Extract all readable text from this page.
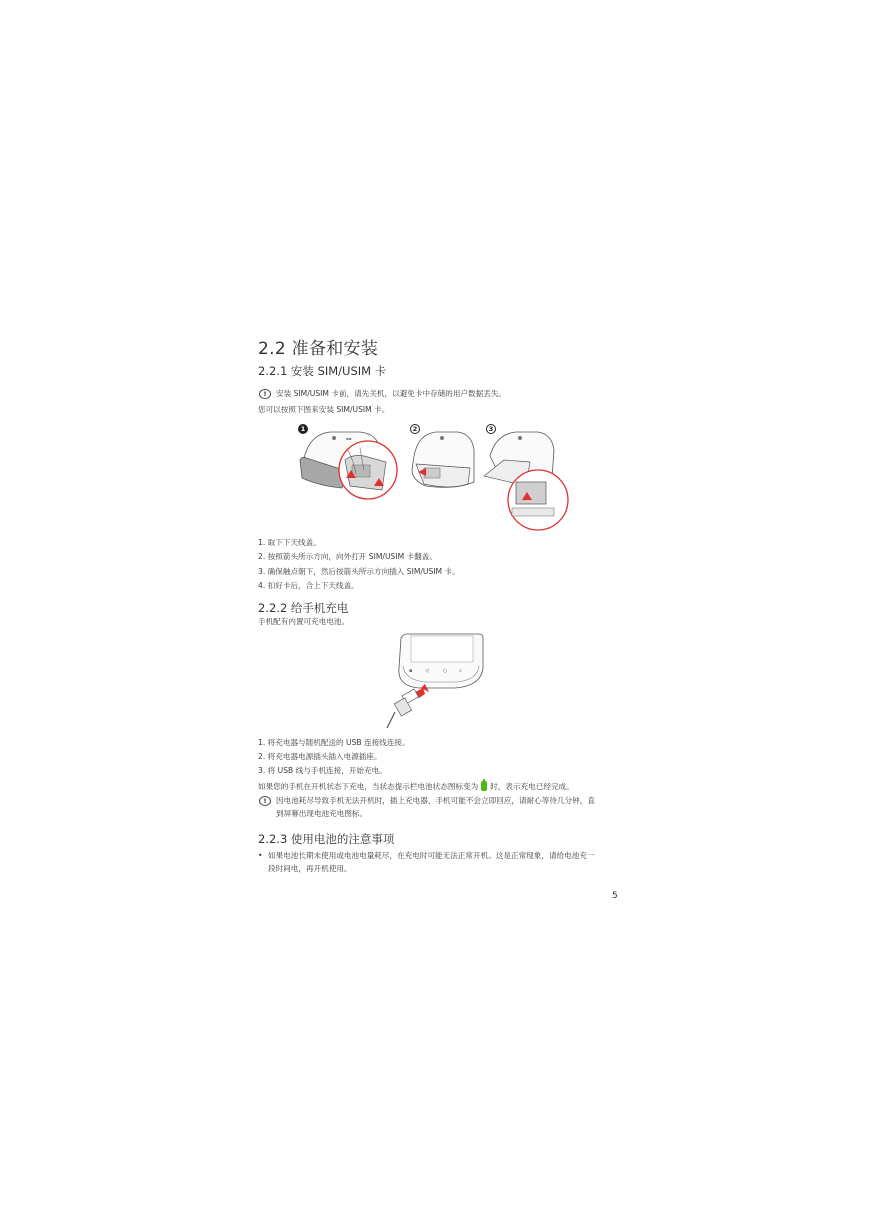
2.2 准备和安装
2.2.1 安装 SIM/USIM 卡
!	安装 SIM/USIM 卡前，请先关机，以避免卡中存储的用户数据丢失。
您可以按照下图来安装 SIM/USIM 卡。
1	2	3
▪▪
1. 取下下天线盖。
2. 按照箭头所示方向，向外打开 SIM/USIM 卡翻盖。
3. 确保触点朝下，然后按箭头所示方向插入 SIM/USIM 卡。
4. 扣好卡后，合上下天线盖。
2.2.2 给手机充电
手机配有内置可充电电池。
▪	◁	○ ⌕
1. 将充电器与随机配送的 USB 连接线连接。
2. 将充电器电源插头插入电源插座。
3. 将 USB 线与手机连接，开始充电。
如果您的手机在开机状态下充电，当状态提示栏电池状态图标变为 时，表示充电已经完成。
!	因电池耗尽导致手机无法开机时，插上充电器，手机可能不会立即回应，请耐心等待几分钟，直
到屏幕出现电池充电图标。
2.2.3 使用电池的注意事项
• 如果电池长期未使用或电池电量耗尽，在充电时可能无法正常开机。这是正常现象，请给电池充一
段时间电，再开机使用。
5
